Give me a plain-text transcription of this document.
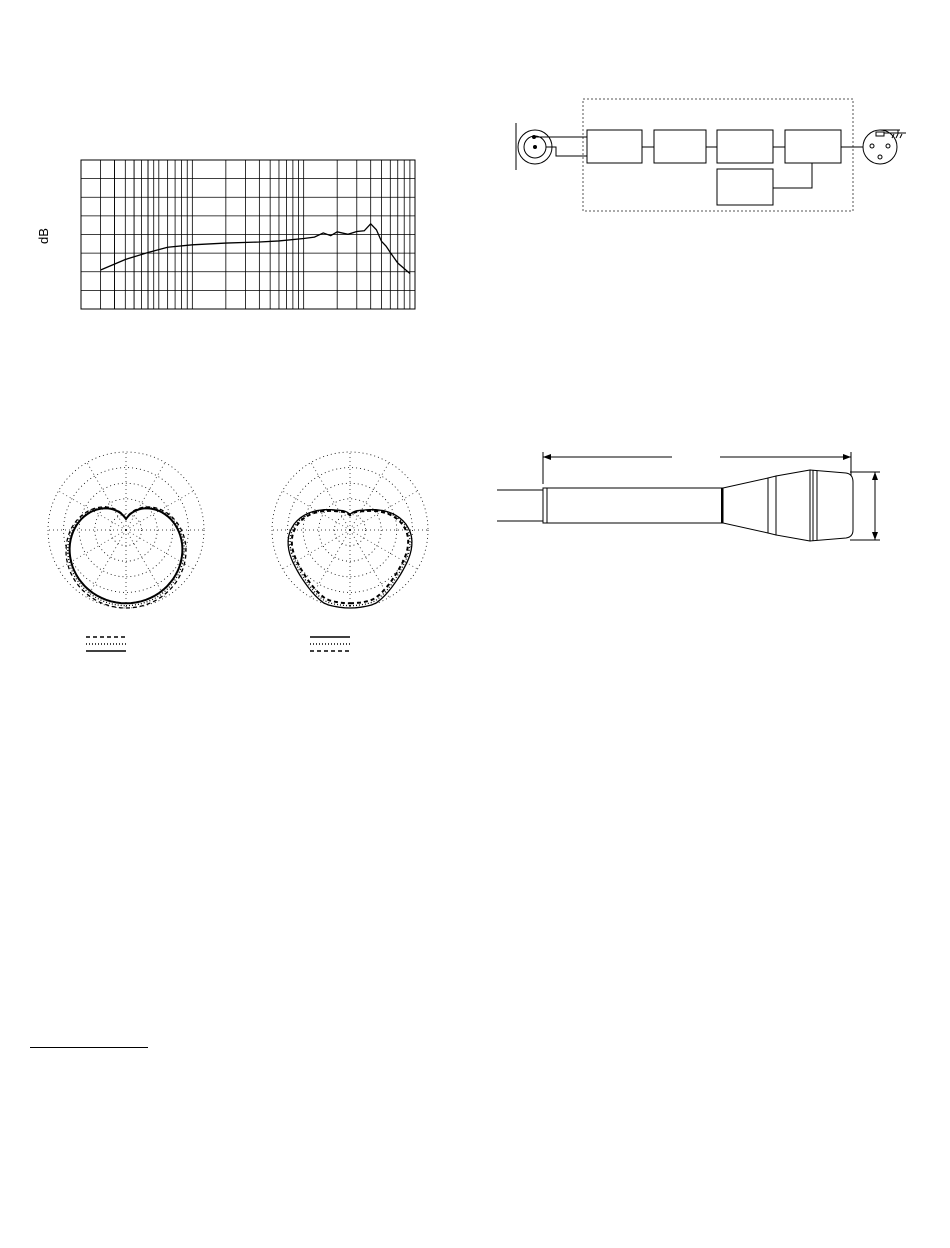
dB
